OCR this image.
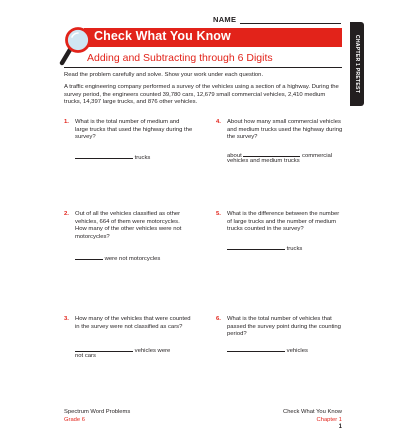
NAME
CHAPTER 1 PRETEST
Check What You Know
Adding and Subtracting through 6 Digits
Read the problem carefully and solve. Show your work under each question.
A traffic engineering company performed a survey of the vehicles using a section of a highway. During the survey period, the engineers counted 39,780 cars, 12,679 small commercial vehicles, 2,410 medium trucks, 14,397 large trucks, and 876 other vehicles.
1. What is the total number of medium and large trucks that used the highway during the survey?
trucks
4. About how many small commercial vehicles and medium trucks used the highway during the survey?
about	commercial
vehicles and medium trucks
2. Out of all the vehicles classified as other vehicles, 664 of them were motorcycles. How many of the other vehicles were not motorcycles?
were not motorcycles
5. What is the difference between the number of large trucks and the number of medium trucks counted in the survey?
trucks
3. How many of the vehicles that were counted in the survey were not classified as cars?
vehicles were
not cars
6. What is the total number of vehicles that passed the survey point during the counting period?
vehicles
Spectrum Word Problems
Grade 6
Check What You Know
Chapter 1
1
